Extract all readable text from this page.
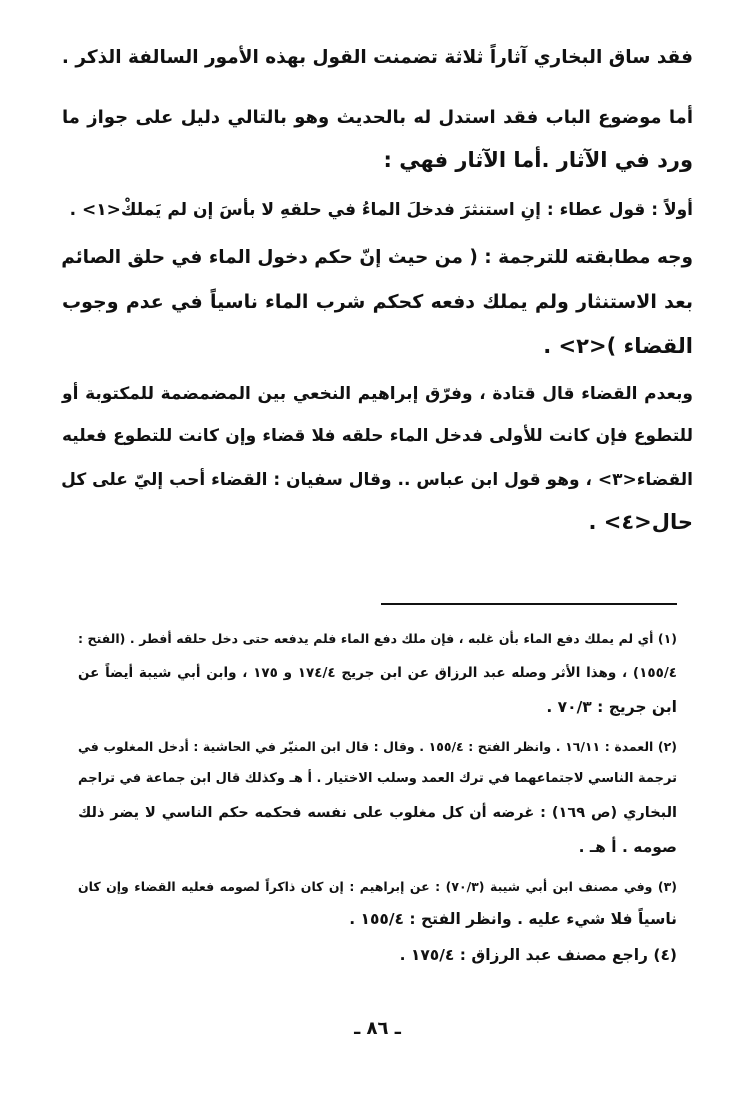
فقد ساق البخاري آثاراً ثلاثة تضمنت القول بهذه الأمور السالفة الذكر .
أما موضوع الباب فقد استدل له بالحديث وهو بالتالي دليل على جواز ما
ورد في الآثار .أما الآثار فهي :
أولاً : قول عطاء : إنِ استنثرَ فدخلَ الماءُ في حلقهِ لا بأسَ إن لم يَملكْ<١> .
وجه مطابقته للترجمة : ( من حيث إنّ حكم دخول الماء في حلق الصائم
بعد الاستنثار ولم يملك دفعه كحكم شرب الماء ناسياً في عدم وجوب
القضاء )<٢> .
وبعدم القضاء قال قتادة ، وفرّق إبراهيم النخعي بين المضمضمة للمكتوبة أو
للتطوع فإن كانت للأولى فدخل الماء حلقه فلا قضاء وإن كانت للتطوع فعليه
القضاء<٣> ، وهو قول ابن عباس .. وقال سفيان : القضاء أحب إليّ على كل
حال<٤> .
(١) أي لم يملك دفع الماء بأن غلبه ، فإن ملك دفع الماء فلم يدفعه حتى دخل حلقه أفطر . (الفتح :
١٥٥/٤) ، وهذا الأثر وصله عبد الرزاق عن ابن جريج ١٧٤/٤ و ١٧٥ ، وابن أبي شيبة أيضاً عن
ابن جريج : ٧٠/٣ .
(٢) العمدة : ١٦/١١ . وانظر الفتح : ١٥٥/٤ . وقال : قال ابن المنيّر في الحاشية : أدخل المغلوب في
ترجمة الناسي لاجتماعهما في ترك العمد وسلب الاختيار . أ هـ وكذلك قال ابن جماعة في تراجم
البخاري (ص ١٦٩) : غرضه أن كل مغلوب على نفسه فحكمه حكم الناسي لا يضر ذلك
صومه . أ هـ .
(٣) وفي مصنف ابن أبي شيبة (٧٠/٣) : عن إبراهيم : إن كان ذاكراً لصومه فعليه القضاء وإن كان
ناسياً فلا شيء عليه . وانظر الفتح : ١٥٥/٤ .
(٤) راجع مصنف عبد الرزاق : ١٧٥/٤ .
ـ ٨٦ ـ
